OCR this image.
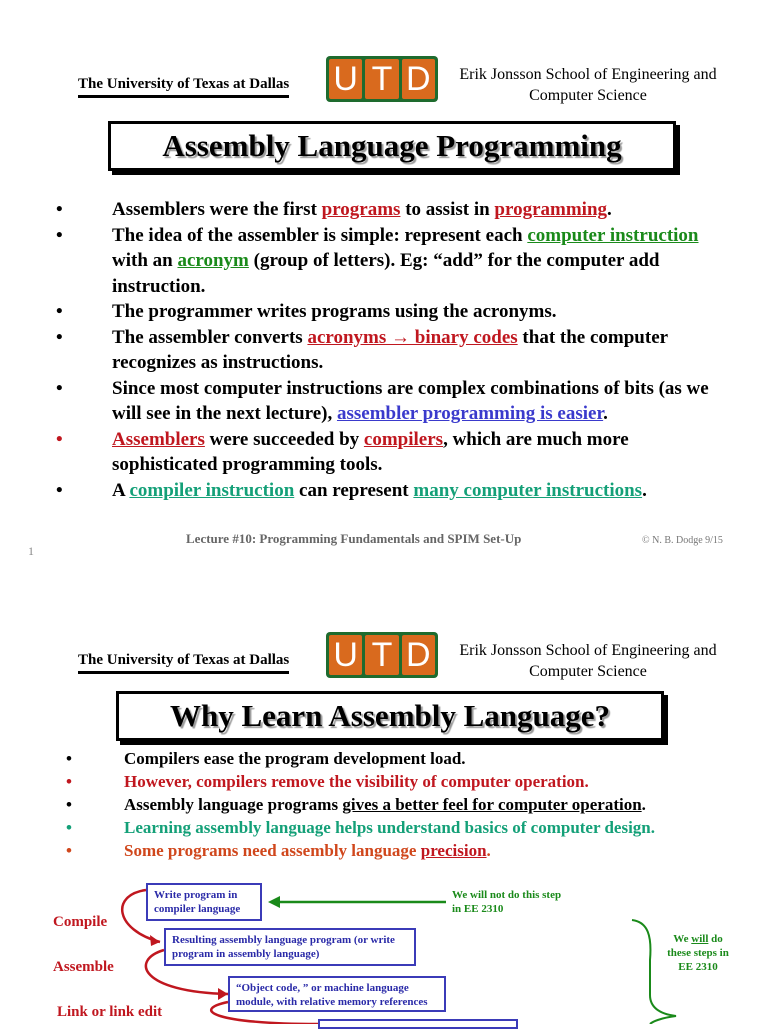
The University of Texas at Dallas U T D	Erik Jonsson School of Engineering and
Computer Science
Assembly Language Programming
• Assemblers were the first programs to assist in programming.
• The idea of the assembler is simple: represent each computer instruction with an acronym (group of letters). Eg: “add” for the computer add instruction.
• The programmer writes programs using the acronyms.
• The assembler converts acronyms → binary codes that the computer recognizes as instructions.
• Since most computer instructions are complex combinations of bits (as we will see in the next lecture), assembler programming is easier.
• Assemblers were succeeded by compilers, which are much more sophisticated programming tools.
• A compiler instruction can represent many computer instructions.
Lecture #10: Programming Fundamentals and SPIM Set-Up	© N. B. Dodge 9/15
1
The University of Texas at Dallas U T D	Erik Jonsson School of Engineering and
Computer Science
Why Learn Assembly Language?
• Compilers ease the program development load.
• However, compilers remove the visibility of computer operation.
• Assembly language programs gives a better feel for computer operation.
• Learning assembly language helps understand basics of computer design.
• Some programs need assembly language precision.
Write program in compiler language
Resulting assembly language program (or write program in assembly language)
“Object code, ” or machine language module, with relative memory references
Compile
Assemble
Link or link edit
We will not do this step in EE 2310
We will do these steps in EE 2310
